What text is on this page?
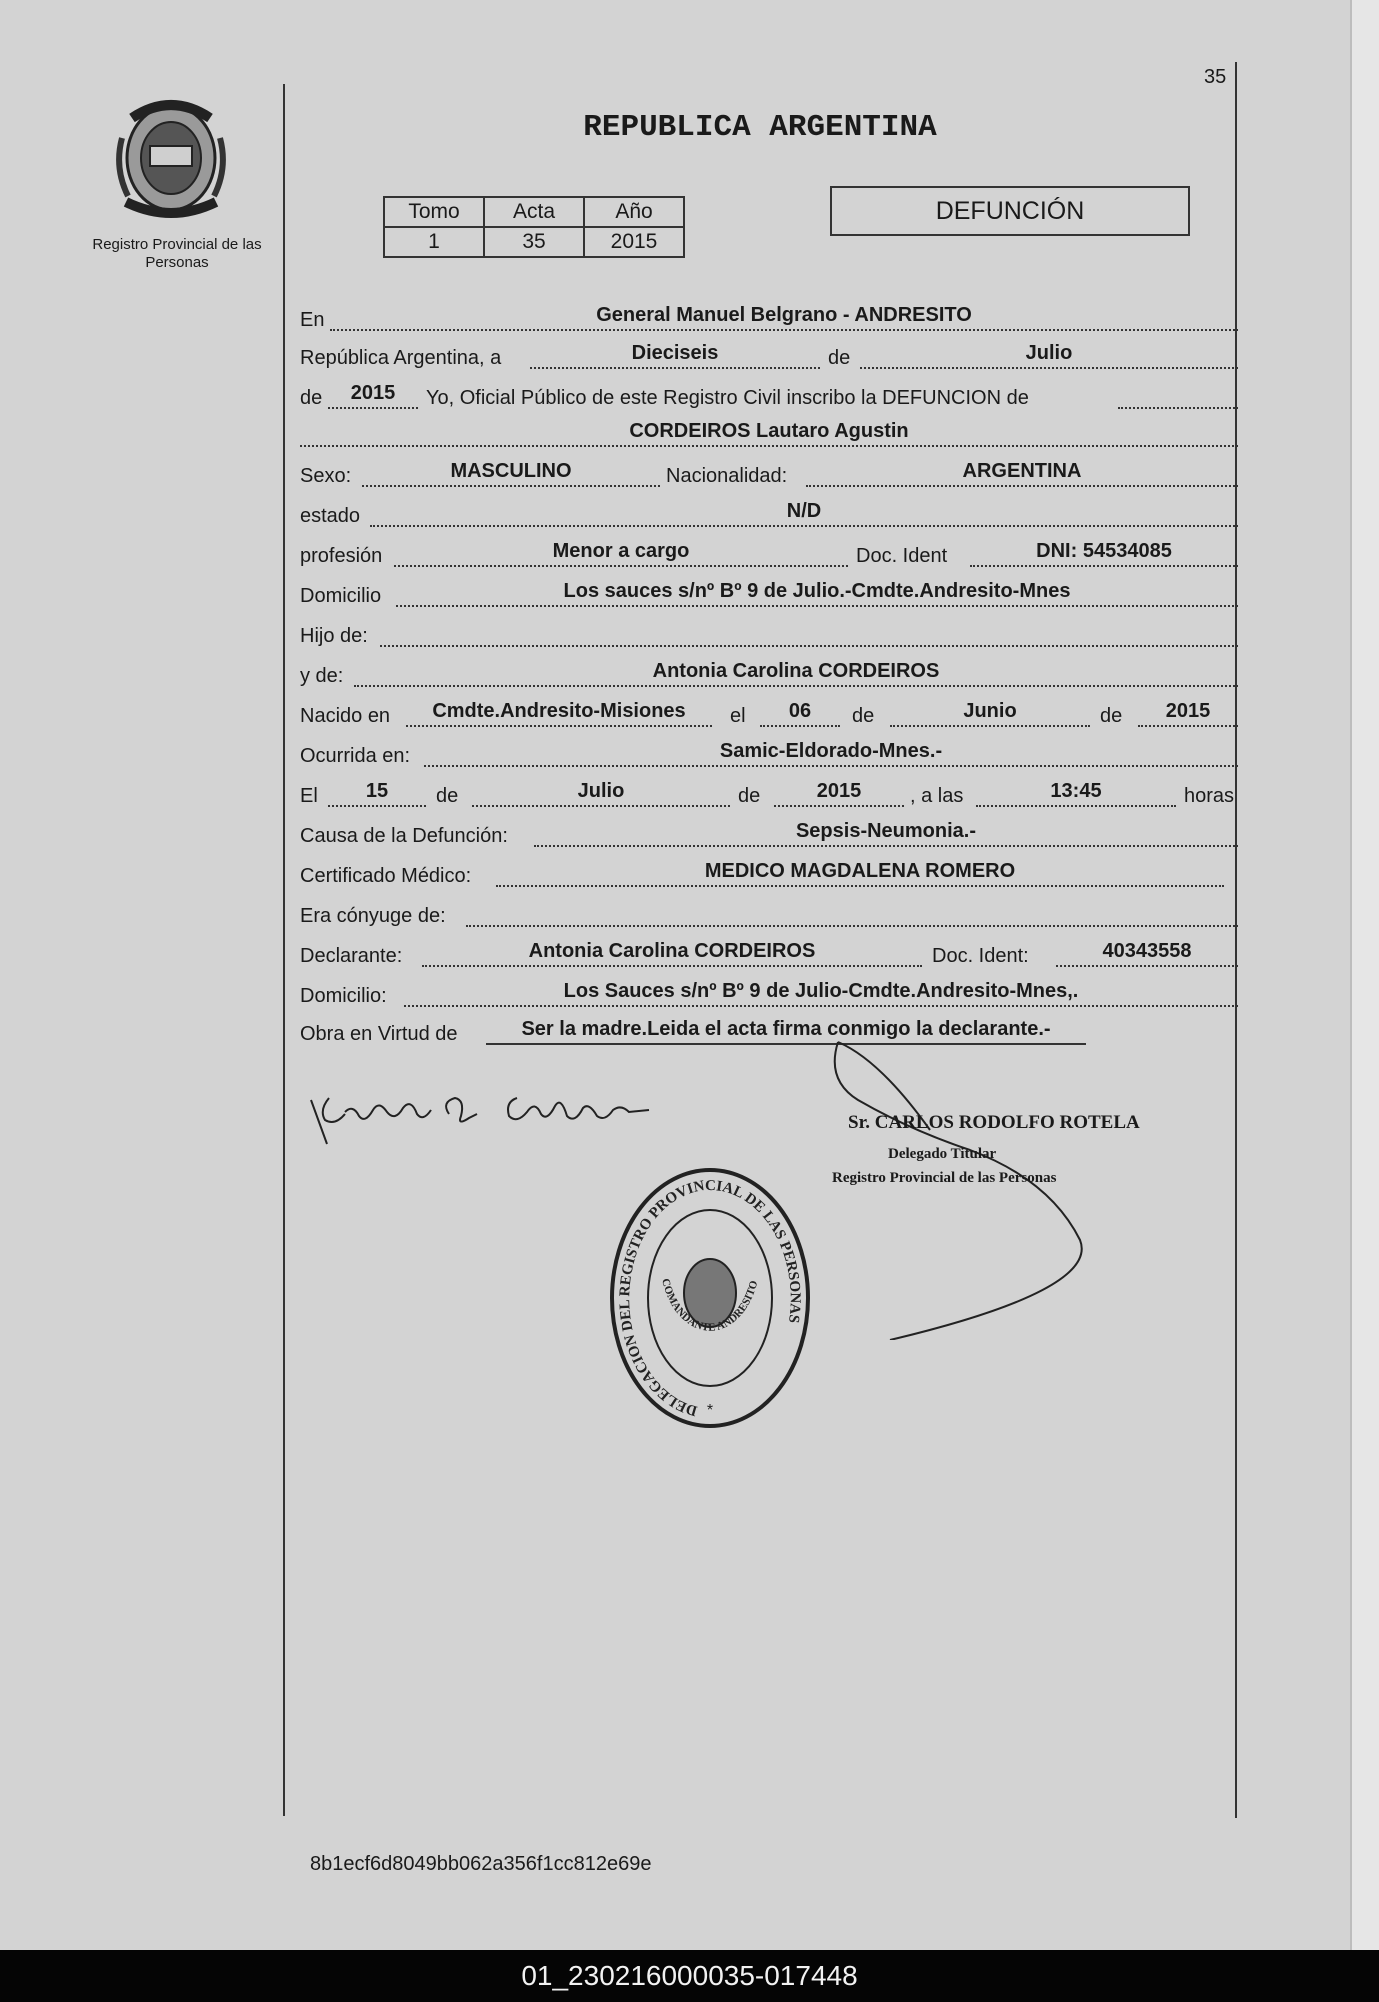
Registro Provincial de las Personas
35
REPUBLICA ARGENTINA
Tomo	Acta	Año
1	35	2015
DEFUNCIÓN
En	General Manuel Belgrano - ANDRESITO
República Argentina, a	Dieciseis	de	Julio
de	2015	Yo, Oficial Público de este Registro Civil inscribo la DEFUNCION de
CORDEIROS Lautaro Agustin
Sexo:	MASCULINO	Nacionalidad:	ARGENTINA
estado	N/D
profesión	Menor a cargo	Doc. Ident	DNI: 54534085
Domicilio	Los sauces s/nº Bº 9 de Julio.-Cmdte.Andresito-Mnes
Hijo de:
y de:	Antonia Carolina CORDEIROS
Nacido en	Cmdte.Andresito-Misiones	el	06	de	Junio	de	2015
Ocurrida en:	Samic-Eldorado-Mnes.-
El	15	de	Julio	de	2015	, a las	13:45	horas
Causa de la Defunción:	Sepsis-Neumonia.-
Certificado Médico:	MEDICO MAGDALENA ROMERO
Era cónyuge de:
Declarante:	Antonia Carolina CORDEIROS	Doc. Ident:	40343558
Domicilio:	Los Sauces s/nº Bº 9 de Julio-Cmdte.Andresito-Mnes,.
Obra en Virtud de	Ser la madre.Leida el acta firma conmigo la declarante.-
Sr. CARLOS RODOLFO ROTELA
Delegado Titular
Registro Provincial de las Personas
DELEGACION DEL REGISTRO PROVINCIAL DE LAS PERSONAS
COMANDANTE ANDRESITO
*
8b1ecf6d8049bb062a356f1cc812e69e
01_230216000035-017448
